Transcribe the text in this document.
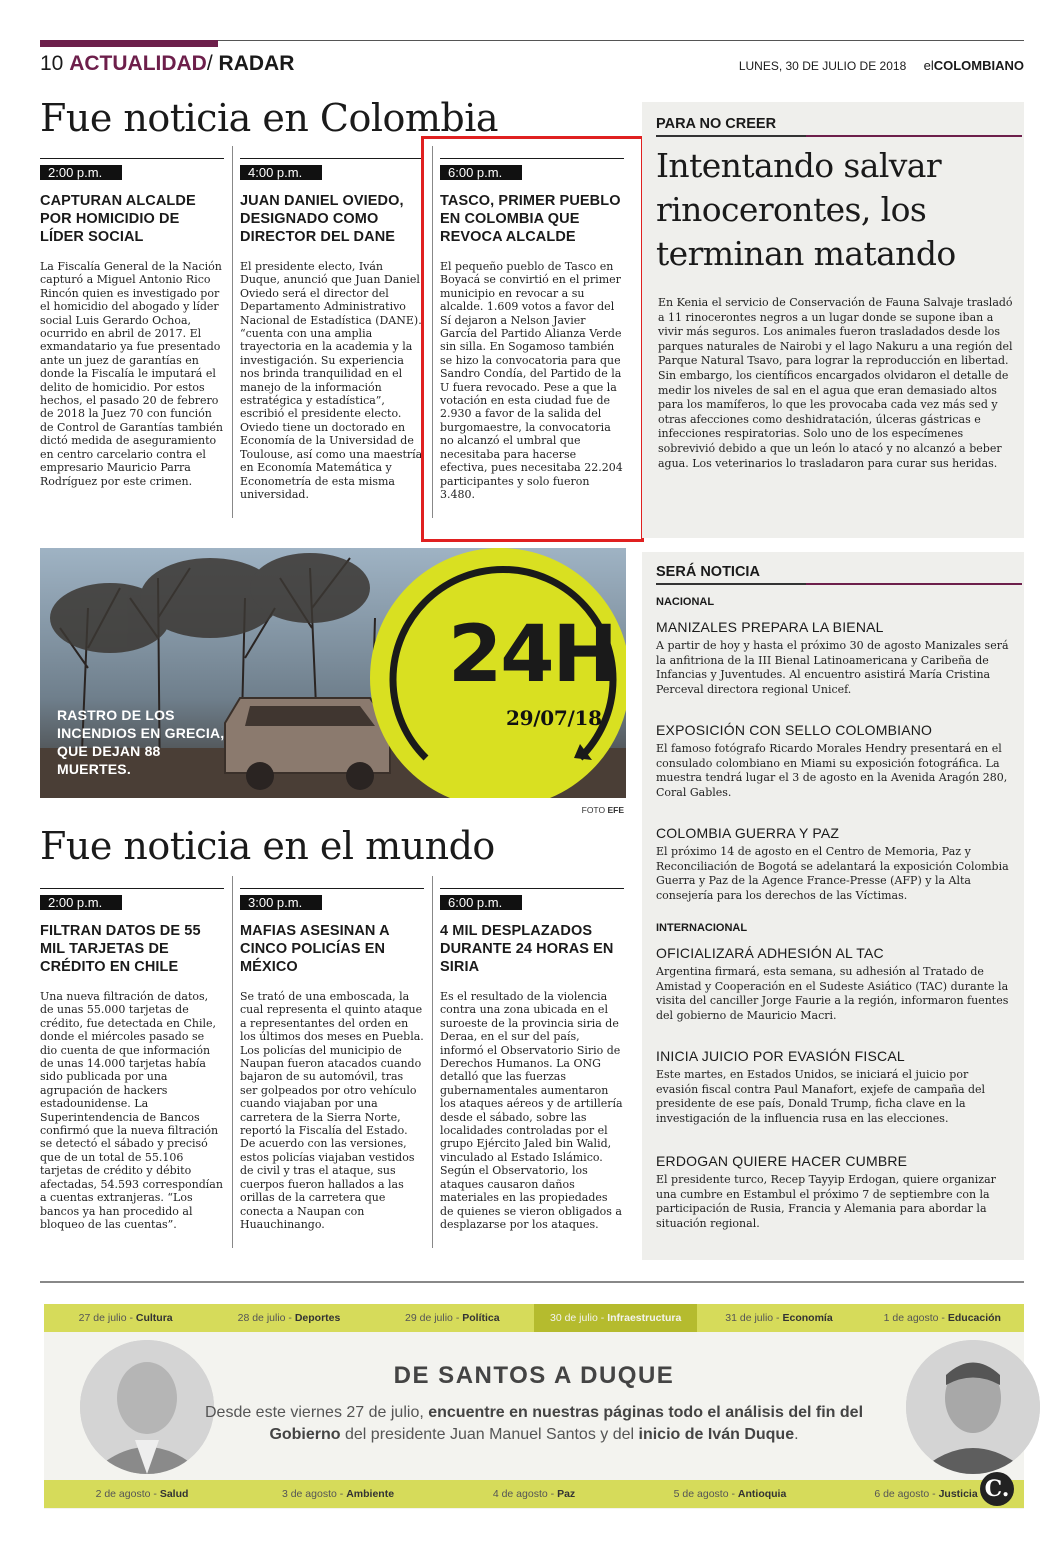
10 ACTUALIDAD/ RADAR	LUNES, 30 DE JULIO DE 2018 elCOLOMBIANO
Fue noticia en Colombia
2:00 p.m.
CAPTURAN ALCALDE POR HOMICIDIO DE LÍDER SOCIAL
La Fiscalía General de la Nación capturó a Miguel Antonio Rico Rincón quien es investigado por el homicidio del abogado y líder social Luis Gerardo Ochoa, ocurrido en abril de 2017. El exmandatario ya fue presentado ante un juez de garantías en donde la Fiscalía le imputará el delito de homicidio. Por estos hechos, el pasado 20 de febrero de 2018 la Juez 70 con función de Control de Garantías también dictó medida de aseguramiento en centro carcelario contra el empresario Mauricio Parra Rodríguez por este crimen.
4:00 p.m.
JUAN DANIEL OVIEDO, DESIGNADO COMO DIRECTOR DEL DANE
El presidente electo, Iván Duque, anunció que Juan Daniel Oviedo será el director del Departamento Administrativo Nacional de Estadística (DANE). “cuenta con una amplia trayectoria en la academia y la investigación. Su experiencia nos brinda tranquilidad en el manejo de la información estratégica y estadística”, escribió el presidente electo. Oviedo tiene un doctorado en Economía de la Universidad de Toulouse, así como una maestría en Economía Matemática y Econometría de esta misma universidad.
6:00 p.m.
TASCO, PRIMER PUEBLO EN COLOMBIA QUE REVOCA ALCALDE
El pequeño pueblo de Tasco en Boyacá se convirtió en el primer municipio en revocar a su alcalde. 1.609 votos a favor del Sí dejaron a Nelson Javier García del Partido Alianza Verde sin silla. En Sogamoso también se hizo la convocatoria para que Sandro Condía, del Partido de la U fuera revocado. Pese a que la votación en esta ciudad fue de 2.930 a favor de la salida del burgomaestre, la convocatoria no alcanzó el umbral que necesitaba para hacerse efectiva, pues necesitaba 22.204 participantes y solo fueron 3.480.
PARA NO CREER
Intentando salvar rinocerontes, los terminan matando
En Kenia el servicio de Conservación de Fauna Salvaje trasladó a 11 rinocerontes negros a un lugar donde se supone iban a vivir más seguros. Los animales fueron trasladados desde los parques naturales de Nairobi y el lago Nakuru a una región del Parque Natural Tsavo, para lograr la reproducción en libertad. Sin embargo, los científicos encargados olvidaron el detalle de medir los niveles de sal en el agua que eran demasiado altos para los mamíferos, lo que les provocaba cada vez más sed y otras afecciones como deshidratación, úlceras gástricas e infecciones respiratorias. Solo uno de los especímenes sobrevivió debido a que un león lo atacó y no alcanzó a beber agua. Los veterinarios lo trasladaron para curar sus heridas.
24H
29/07/18
RASTRO DE LOS INCENDIOS EN GRECIA, QUE DEJAN 88 MUERTES.
FOTO EFE
Fue noticia en el mundo
2:00 p.m.
FILTRAN DATOS DE 55 MIL TARJETAS DE CRÉDITO EN CHILE
Una nueva filtración de datos, de unas 55.000 tarjetas de crédito, fue detectada en Chile, donde el miércoles pasado se dio cuenta de que información de unas 14.000 tarjetas había sido publicada por una agrupación de hackers estadounidense. La Superintendencia de Bancos confirmó que la nueva filtración se detectó el sábado y precisó que de un total de 55.106 tarjetas de crédito y débito afectadas, 54.593 correspondían a cuentas extranjeras. “Los bancos ya han procedido al bloqueo de las cuentas”.
3:00 p.m.
MAFIAS ASESINAN A CINCO POLICÍAS EN MÉXICO
Se trató de una emboscada, la cual representa el quinto ataque a representantes del orden en los últimos dos meses en Puebla. Los policías del municipio de Naupan fueron atacados cuando bajaron de su automóvil, tras ser golpeados por otro vehículo cuando viajaban por una carretera de la Sierra Norte, reportó la Fiscalía del Estado. De acuerdo con las versiones, estos policías viajaban vestidos de civil y tras el ataque, sus cuerpos fueron hallados a las orillas de la carretera que conecta a Naupan con Huauchinango.
6:00 p.m.
4 MIL DESPLAZADOS DURANTE 24 HORAS EN SIRIA
Es el resultado de la violencia contra una zona ubicada en el suroeste de la provincia siria de Deraa, en el sur del país, informó el Observatorio Sirio de Derechos Humanos. La ONG detalló que las fuerzas gubernamentales aumentaron los ataques aéreos y de artillería desde el sábado, sobre las localidades controladas por el grupo Ejército Jaled bin Walid, vinculado al Estado Islámico. Según el Observatorio, los ataques causaron daños materiales en las propiedades de quienes se vieron obligados a desplazarse por los ataques.
SERÁ NOTICIA
NACIONAL
MANIZALES PREPARA LA BIENAL
A partir de hoy y hasta el próximo 30 de agosto Manizales será la anfitriona de la III Bienal Latinoamericana y Caribeña de Infancias y Juventudes. Al encuentro asistirá María Cristina Perceval directora regional Unicef.
EXPOSICIÓN CON SELLO COLOMBIANO
El famoso fotógrafo Ricardo Morales Hendry presentará en el consulado colombiano en Miami su exposición fotográfica. La muestra tendrá lugar el 3 de agosto en la Avenida Aragón 280, Coral Gables.
COLOMBIA GUERRA Y PAZ
El próximo 14 de agosto en el Centro de Memoria, Paz y Reconciliación de Bogotá se adelantará la exposición Colombia Guerra y Paz de la Agence France-Presse (AFP) y la Alta consejería para los derechos de las Víctimas.
INTERNACIONAL
OFICIALIZARÁ ADHESIÓN AL TAC
Argentina firmará, esta semana, su adhesión al Tratado de Amistad y Cooperación en el Sudeste Asiático (TAC) durante la visita del canciller Jorge Faurie a la región, informaron fuentes del gobierno de Mauricio Macri.
INICIA JUICIO POR EVASIÓN FISCAL
Este martes, en Estados Unidos, se iniciará el juicio por evasión fiscal contra Paul Manafort, exjefe de campaña del presidente de ese país, Donald Trump, ficha clave en la investigación de la influencia rusa en las elecciones.
ERDOGAN QUIERE HACER CUMBRE
El presidente turco, Recep Tayyip Erdogan, quiere organizar una cumbre en Estambul el próximo 7 de septiembre con la participación de Rusia, Francia y Alemania para abordar la situación regional.
27 de julio - Cultura	28 de julio - Deportes	29 de julio - Política	30 de julio - Infraestructura	31 de julio - Economía	1 de agosto - Educación
2 de agosto - Salud	3 de agosto - Ambiente	4 de agosto - Paz	5 de agosto - Antioquia	6 de agosto - Justicia
DE SANTOS A DUQUE
Desde este viernes 27 de julio, encuentre en nuestras páginas todo el análisis del fin del Gobierno del presidente Juan Manuel Santos y del inicio de Iván Duque.
C.
